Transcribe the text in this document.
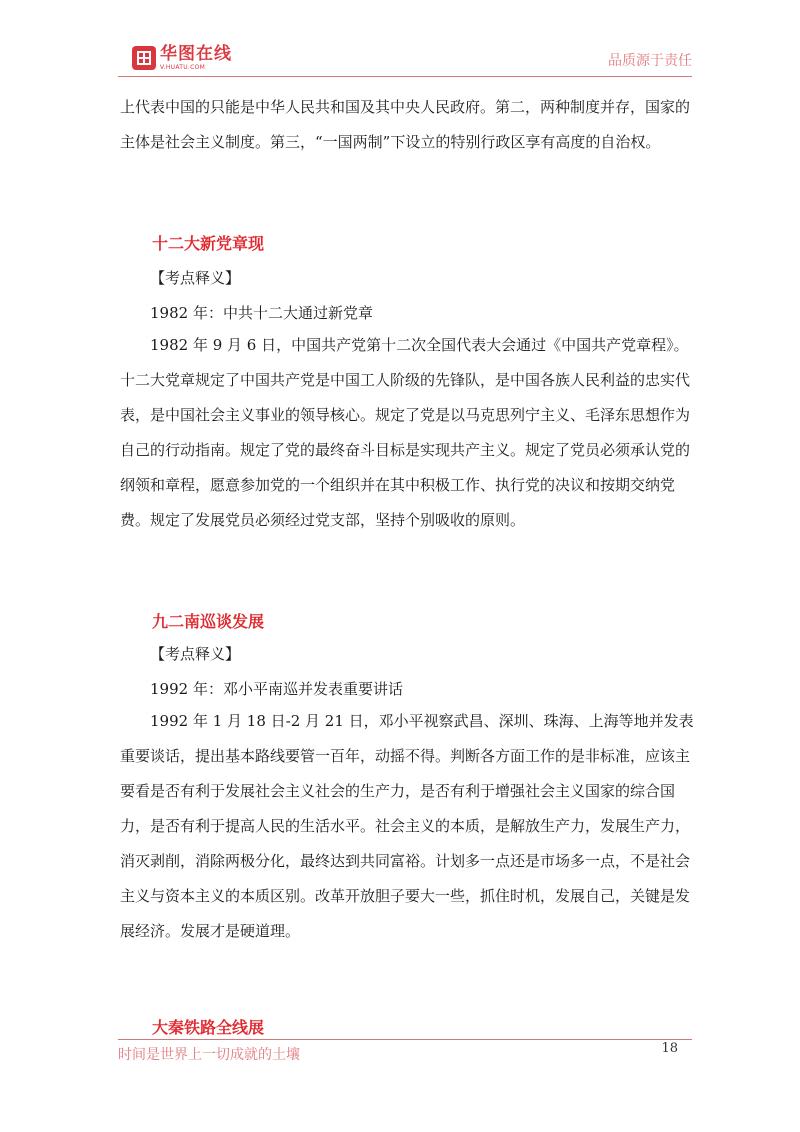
华图在线
V.HUATU.COM	品质源于责任

上代表中国的只能是中华人民共和国及其中央人民政府。第二，两种制度并存，国家的主体是社会主义制度。第三，“一国两制”下设立的特别行政区享有高度的自治权。

十二大新党章现

【考点释义】

1982 年：中共十二大通过新党章

1982 年 9 月 6 日，中国共产党第十二次全国代表大会通过《中国共产党章程》。十二大党章规定了中国共产党是中国工人阶级的先锋队，是中国各族人民利益的忠实代表，是中国社会主义事业的领导核心。规定了党是以马克思列宁主义、毛泽东思想作为自己的行动指南。规定了党的最终奋斗目标是实现共产主义。规定了党员必须承认党的纲领和章程，愿意参加党的一个组织并在其中积极工作、执行党的决议和按期交纳党费。规定了发展党员必须经过党支部，坚持个别吸收的原则。

九二南巡谈发展

【考点释义】

1992 年：邓小平南巡并发表重要讲话

1992 年 1 月 18 日-2 月 21 日，邓小平视察武昌、深圳、珠海、上海等地并发表重要谈话，提出基本路线要管一百年，动摇不得。判断各方面工作的是非标准，应该主要看是否有利于发展社会主义社会的生产力，是否有利于增强社会主义国家的综合国力，是否有利于提高人民的生活水平。社会主义的本质，是解放生产力，发展生产力，消灭剥削，消除两极分化，最终达到共同富裕。计划多一点还是市场多一点，不是社会主义与资本主义的本质区别。改革开放胆子要大一些，抓住时机，发展自己，关键是发展经济。发展才是硬道理。

大秦铁路全线展
时间是世界上一切成就的土壤	18
